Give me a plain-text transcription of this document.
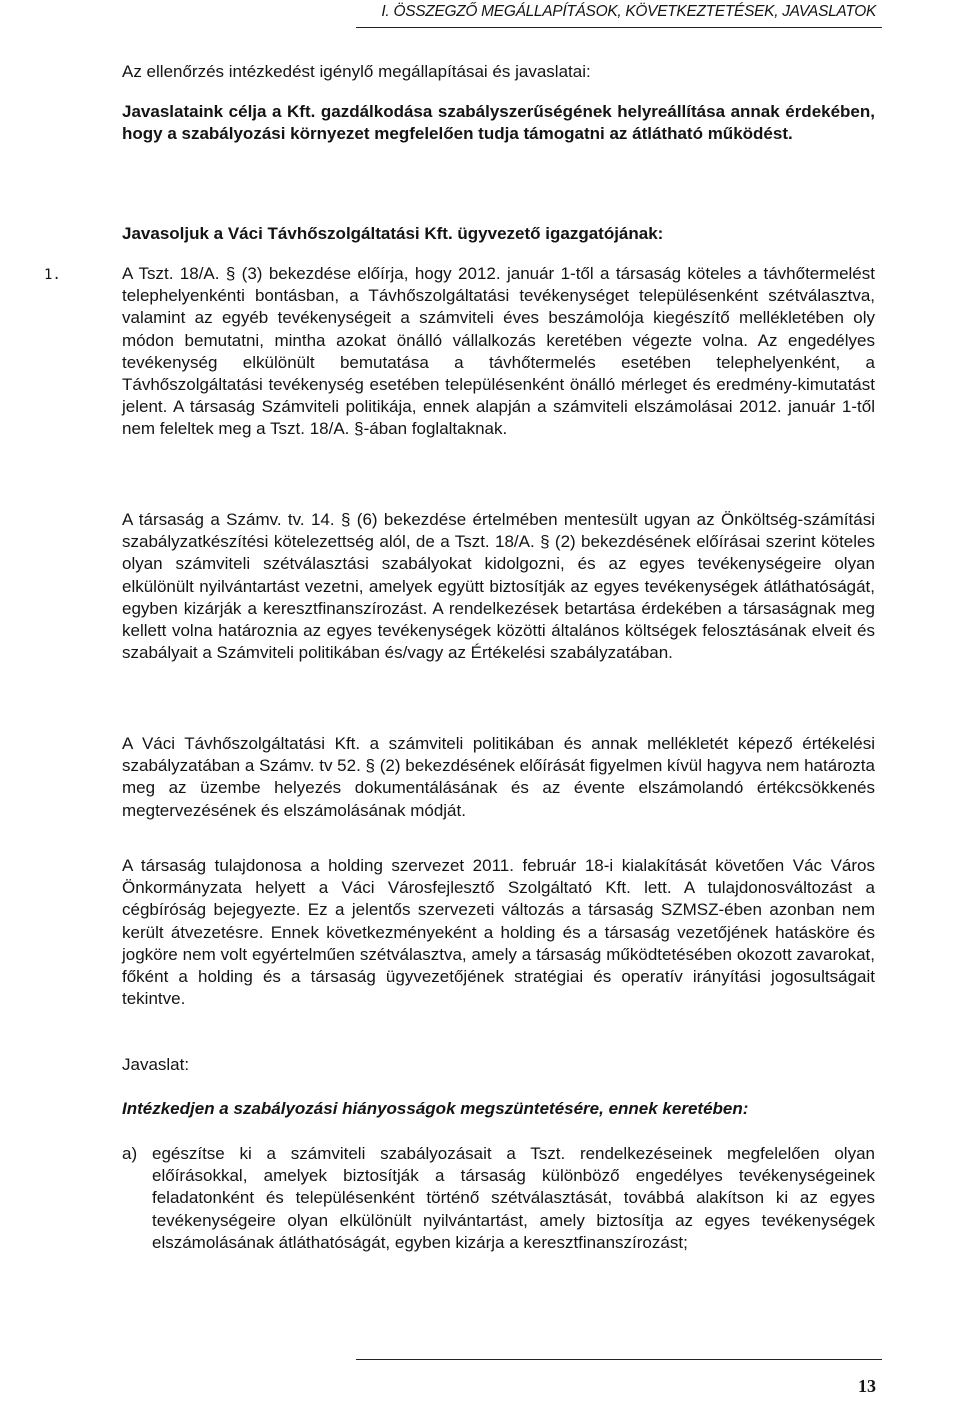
I. ÖSSZEGZŐ MEGÁLLAPÍTÁSOK, KÖVETKEZTETÉSEK, JAVASLATOK
Az ellenőrzés intézkedést igénylő megállapításai és javaslatai:
Javaslataink célja a Kft. gazdálkodása szabályszerűségének helyreállítása annak érdekében, hogy a szabályozási környezet megfelelően tudja támogatni az átlátható működést.
Javasoljuk a Váci Távhőszolgáltatási Kft. ügyvezető igazgatójának:
1.	A Tszt. 18/A. § (3) bekezdése előírja, hogy 2012. január 1-től a társaság köteles a távhőtermelést telephelyenkénti bontásban, a Távhőszolgáltatási tevékenységet településenként szétválasztva, valamint az egyéb tevékenységeit a számviteli éves beszámolója kiegészítő mellékletében oly módon bemutatni, mintha azokat önálló vállalkozás keretében végezte volna. Az engedélyes tevékenység elkülönült bemutatása a távhőtermelés esetében telephelyenként, a Távhőszolgáltatási tevékenység esetében településenként önálló mérleget és eredmény-kimutatást jelent. A társaság Számviteli politikája, ennek alapján a számviteli elszámolásai 2012. január 1-től nem feleltek meg a Tszt. 18/A. §-ában foglaltaknak.
A társaság a Számv. tv. 14. § (6) bekezdése értelmében mentesült ugyan az Önköltség-számítási szabályzatkészítési kötelezettség alól, de a Tszt. 18/A. § (2) bekezdésének előírásai szerint köteles olyan számviteli szétválasztási szabályokat kidolgozni, és az egyes tevékenységeire olyan elkülönült nyilvántartást vezetni, amelyek együtt biztosítják az egyes tevékenységek átláthatóságát, egyben kizárják a keresztfinanszírozást. A rendelkezések betartása érdekében a társaságnak meg kellett volna határoznia az egyes tevékenységek közötti általános költségek felosztásának elveit és szabályait a Számviteli politikában és/vagy az Értékelési szabályzatában.
A Váci Távhőszolgáltatási Kft. a számviteli politikában és annak mellékletét képező értékelési szabályzatában a Számv. tv 52. § (2) bekezdésének előírását figyelmen kívül hagyva nem határozta meg az üzembe helyezés dokumentálásának és az évente elszámolandó értékcsökkenés megtervezésének és elszámolásának módját.
A társaság tulajdonosa a holding szervezet 2011. február 18-i kialakítását követően Vác Város Önkormányzata helyett a Váci Városfejlesztő Szolgáltató Kft. lett. A tulajdonosváltozást a cégbíróság bejegyezte. Ez a jelentős szervezeti változás a társaság SZMSZ-ében azonban nem került átvezetésre. Ennek következményeként a holding és a társaság vezetőjének hatásköre és jogköre nem volt egyértelműen szétválasztva, amely a társaság működtetésében okozott zavarokat, főként a holding és a társaság ügyvezetőjének stratégiai és operatív irányítási jogosultságait tekintve.
Javaslat:
Intézkedjen a szabályozási hiányosságok megszüntetésére, ennek keretében:
a) egészítse ki a számviteli szabályozásait a Tszt. rendelkezéseinek megfelelően olyan előírásokkal, amelyek biztosítják a társaság különböző engedélyes tevékenységeinek feladatonként és településenként történő szétválasztását, továbbá alakítson ki az egyes tevékenységeire olyan elkülönült nyilvántartást, amely biztosítja az egyes tevékenységek elszámolásának átláthatóságát, egyben kizárja a keresztfinanszírozást;
13
